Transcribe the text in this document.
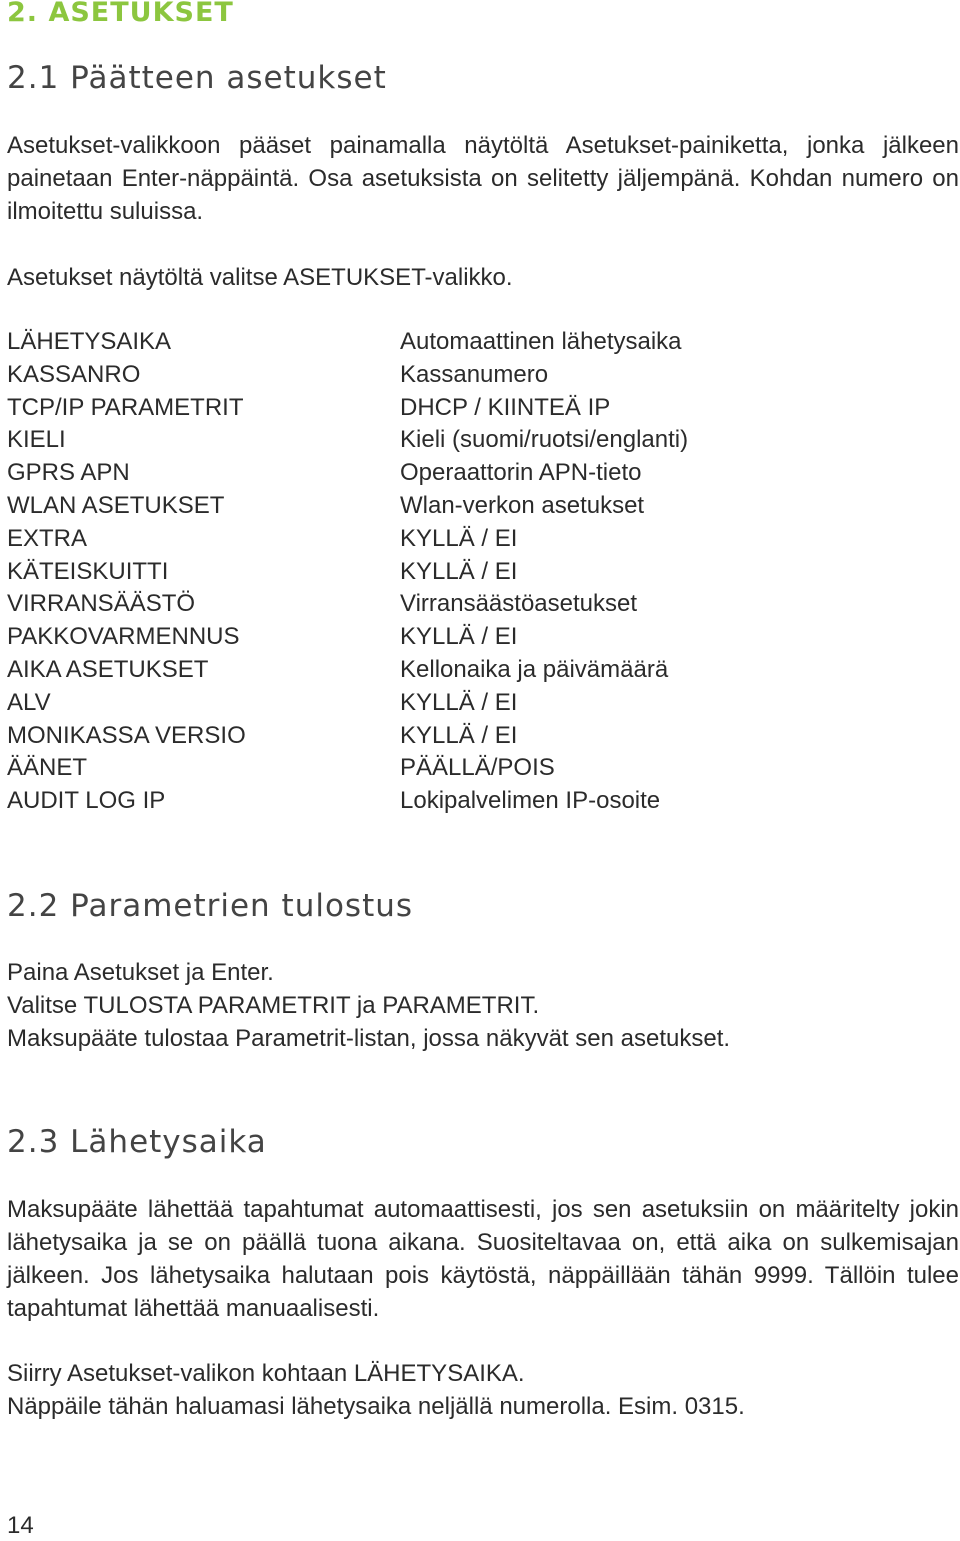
2. ASETUKSET
2.1 Päätteen asetukset

Asetukset-valikkoon pääset painamalla näytöltä Asetukset-painiketta, jonka jälkeen painetaan Enter-näppäintä. Osa asetuksista on selitetty jäljempänä. Kohdan numero on ilmoitettu suluissa.

Asetukset näytöltä valitse ASETUKSET-valikko.

LÄHETYSAIKA	Automaattinen lähetysaika
KASSANRO	Kassanumero
TCP/IP PARAMETRIT	DHCP / KIINTEÄ IP
KIELI	Kieli (suomi/ruotsi/englanti)
GPRS APN	Operaattorin APN-tieto
WLAN ASETUKSET	Wlan-verkon asetukset
EXTRA	KYLLÄ / EI
KÄTEISKUITTI	KYLLÄ / EI
VIRRANSÄÄSTÖ	Virransäästöasetukset
PAKKOVARMENNUS	KYLLÄ / EI
AIKA ASETUKSET	Kellonaika ja päivämäärä
ALV	KYLLÄ / EI
MONIKASSA VERSIO	KYLLÄ / EI
ÄÄNET	PÄÄLLÄ/POIS
AUDIT LOG IP	Lokipalvelimen IP-osoite
2.2 Parametrien tulostus

Paina Asetukset ja Enter.

Valitse TULOSTA PARAMETRIT ja PARAMETRIT.

Maksupääte tulostaa Parametrit-listan, jossa näkyvät sen asetukset.

2.3 Lähetysaika

Maksupääte lähettää tapahtumat automaattisesti, jos sen asetuksiin on määritelty jokin lähetysaika ja se on päällä tuona aikana. Suositeltavaa on, että aika on sulkemisajan jälkeen. Jos lähetysaika halutaan pois käytöstä, näppäillään tähän 9999. Tällöin tulee tapahtumat lähettää manuaalisesti.

Siirry Asetukset-valikon kohtaan LÄHETYSAIKA.

Näppäile tähän haluamasi lähetysaika neljällä numerolla. Esim. 0315.

14
